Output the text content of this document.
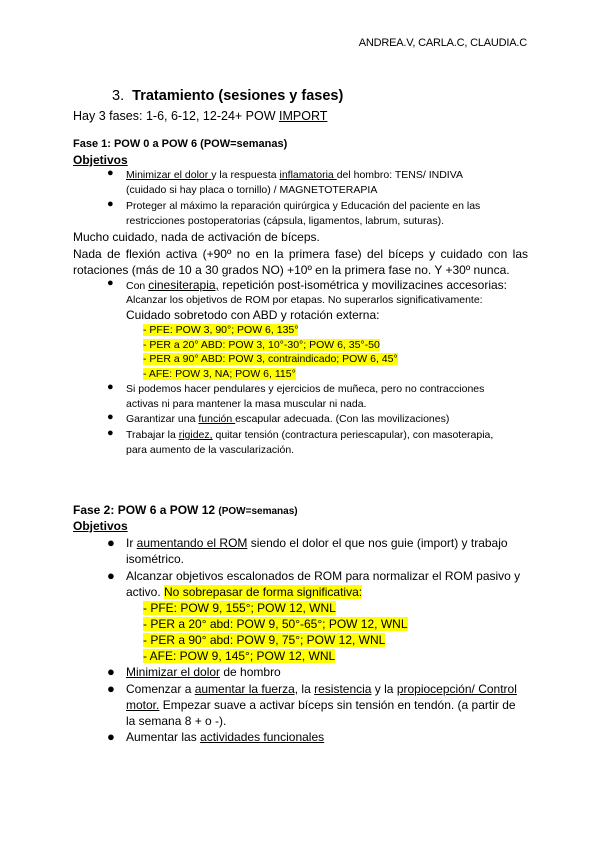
ANDREA.V, CARLA.C, CLAUDIA.C
3. Tratamiento (sesiones y fases)
Hay 3 fases: 1-6, 6-12, 12-24+ POW IMPORT
Fase 1: POW 0 a POW 6 (POW=semanas)
Objetivos
● Minimizar el dolor y la respuesta inflamatoria del hombro: TENS/ INDIVA
(cuidado si hay placa o tornillo) / MAGNETOTERAPIA
● Proteger al máximo la reparación quirúrgica y Educación del paciente en las
restricciones postoperatorias (cápsula, ligamentos, labrum, suturas).
Mucho cuidado, nada de activación de bíceps.
Nada de flexión activa (+90º no en la primera fase) del bíceps y cuidado con las
rotaciones (más de 10 a 30 grados NO) +10º en la primera fase no. Y +30º nunca.
● Con cinesiterapia, repetición post-isométrica y movilizacines accesorias:
Alcanzar los objetivos de ROM por etapas. No superarlos significativamente:
Cuidado sobretodo con ABD y rotación externa:
- PFE: POW 3, 90°; POW 6, 135°
- PER a 20° ABD: POW 3, 10°-30°; POW 6, 35°-50
- PER a 90° ABD: POW 3, contraindicado; POW 6, 45°
- AFE: POW 3, NA; POW 6, 115°
● Si podemos hacer pendulares y ejercicios de muñeca, pero no contracciones
activas ni para mantener la masa muscular ni nada.
● Garantizar una función escapular adecuada. (Con las movilizaciones)
● Trabajar la rigidez, quitar tensión (contractura periescapular), con masoterapia,
para aumento de la vascularización.
Fase 2: POW 6 a POW 12 (POW=semanas)
Objetivos
● Ir aumentando el ROM siendo el dolor el que nos guie (import) y trabajo
isométrico.
● Alcanzar objetivos escalonados de ROM para normalizar el ROM pasivo y
activo. No sobrepasar de forma significativa:
- PFE: POW 9, 155°; POW 12, WNL
- PER a 20° abd: POW 9, 50°-65°; POW 12, WNL
- PER a 90° abd: POW 9, 75°; POW 12, WNL
- AFE: POW 9, 145°; POW 12, WNL
● Minimizar el dolor de hombro
● Comenzar a aumentar la fuerza, la resistencia y la propiocepción/ Control
motor. Empezar suave a activar bíceps sin tensión en tendón. (a partir de
la semana 8 + o -).
● Aumentar las actividades funcionales
